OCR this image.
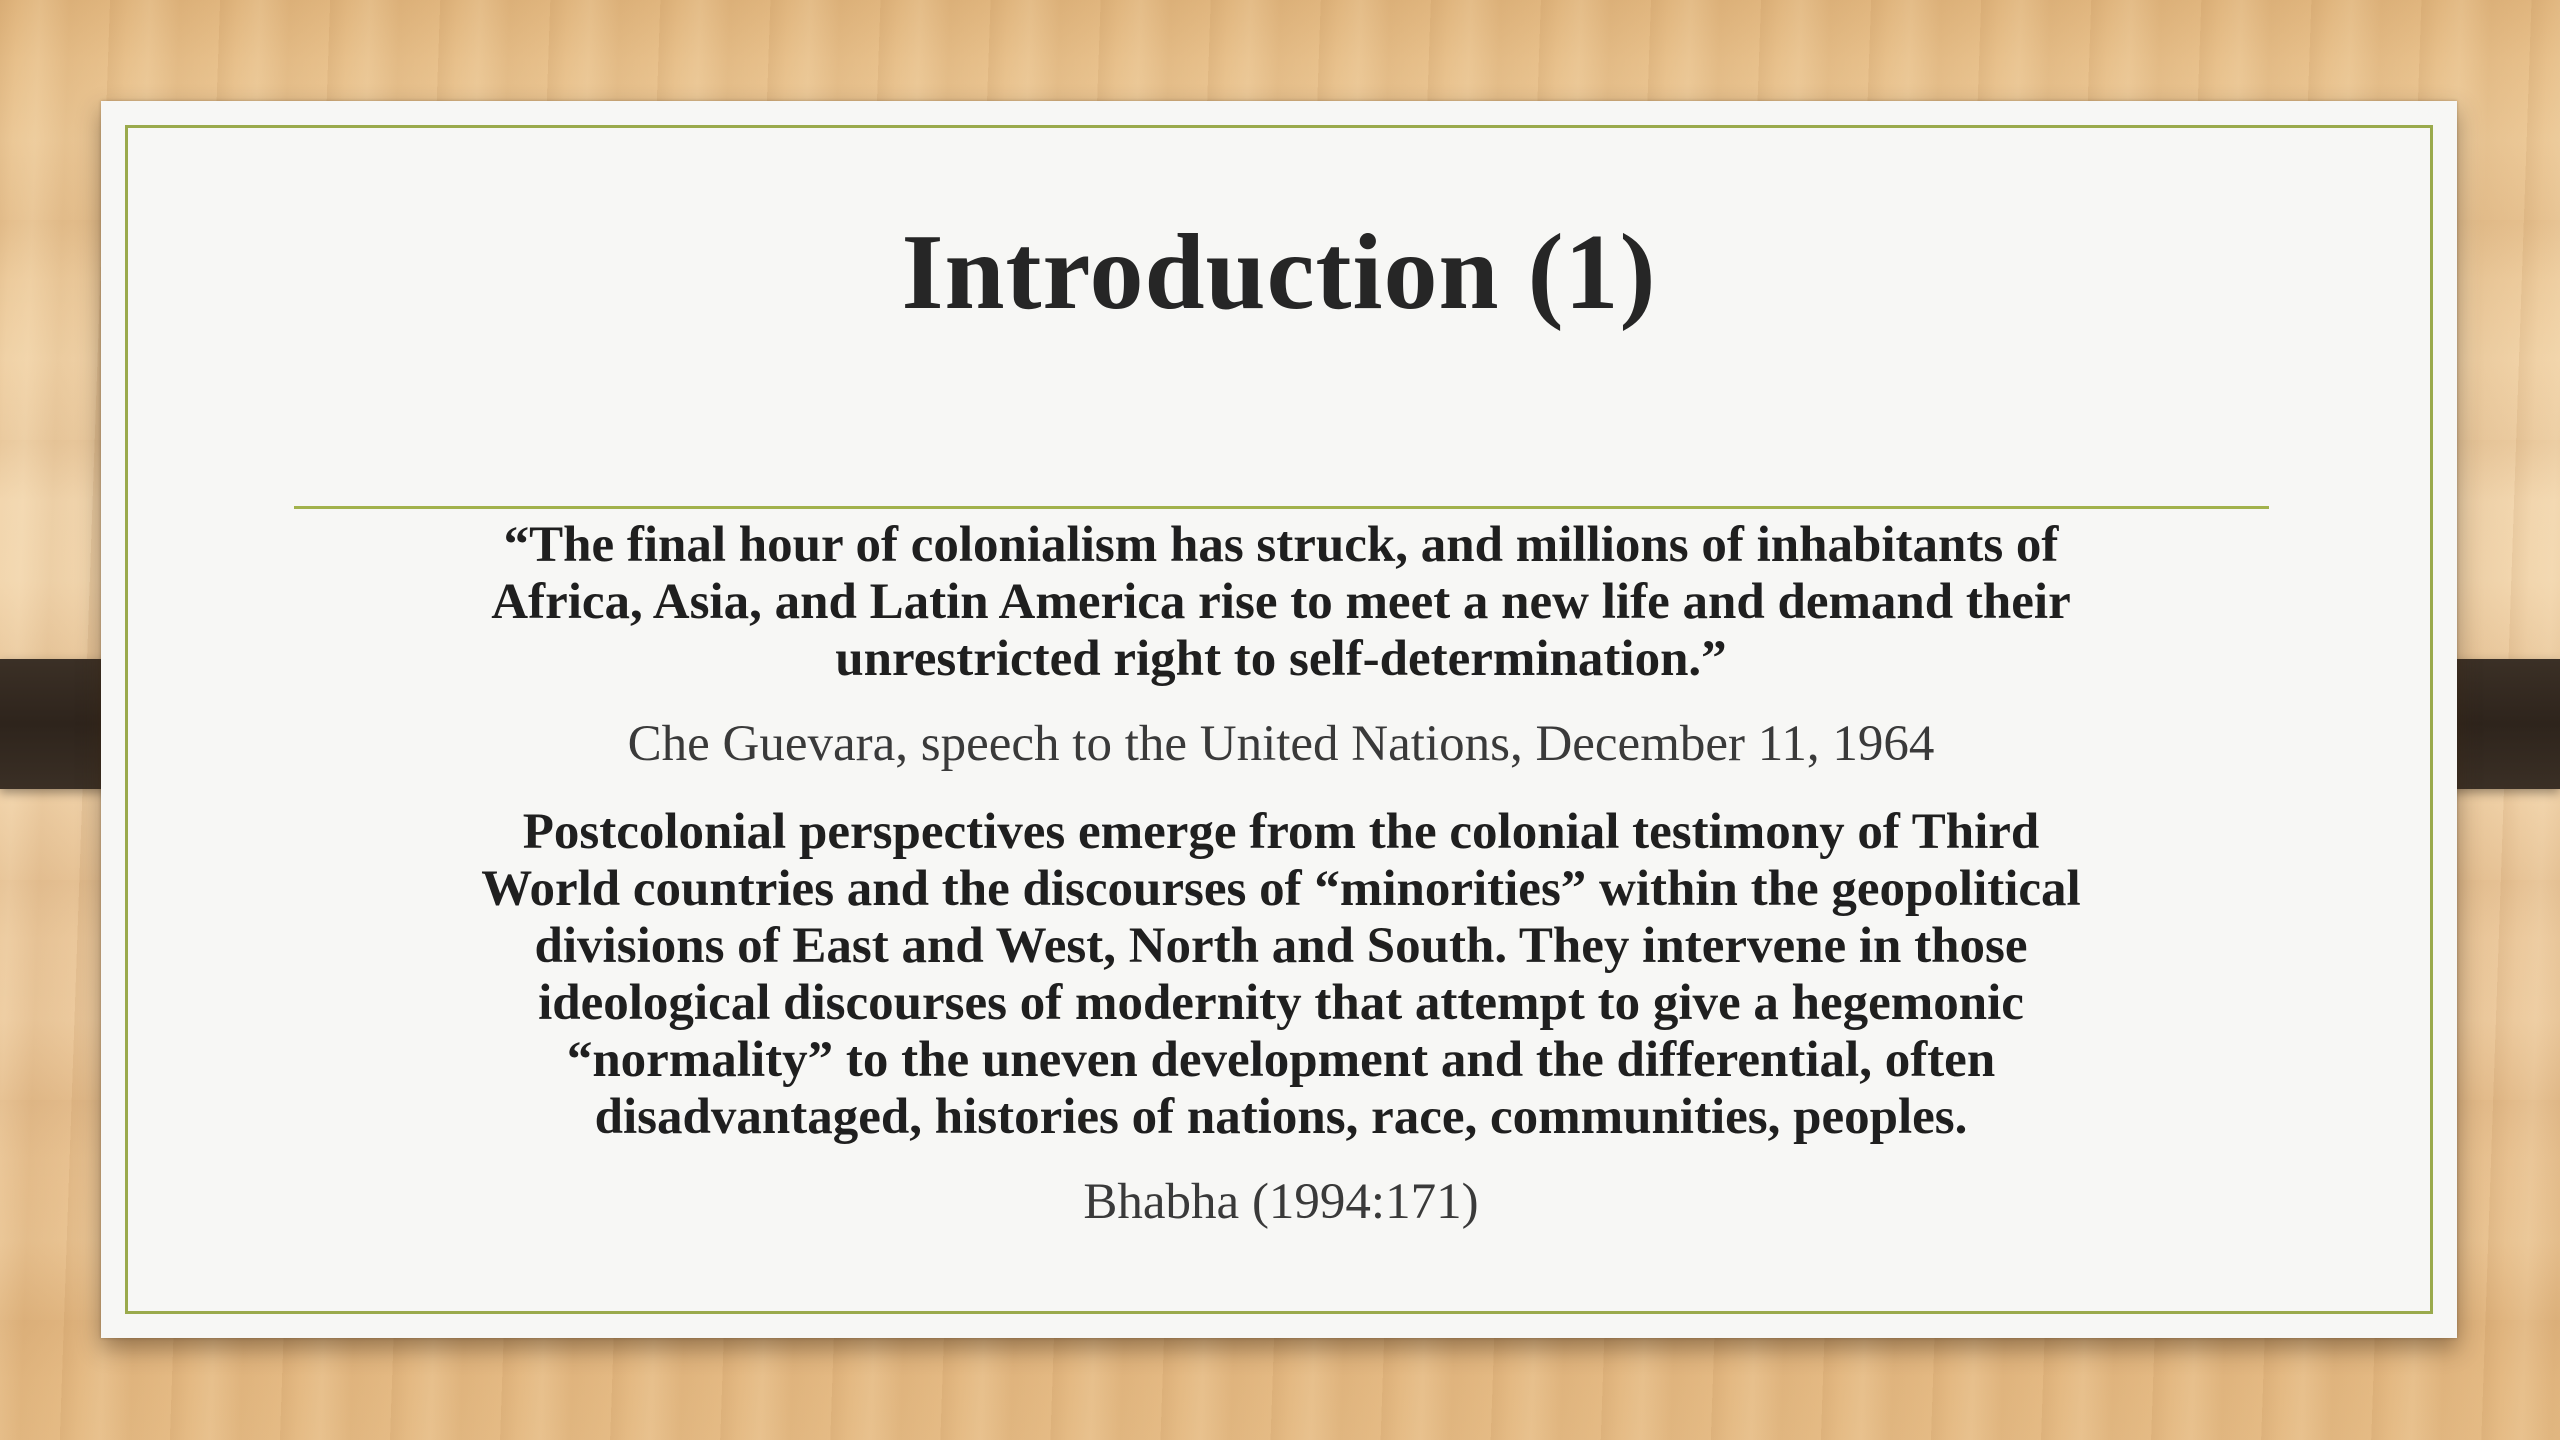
Introduction (1)

“The final hour of colonialism has struck, and millions of inhabitants of
Africa, Asia, and Latin America rise to meet a new life and demand their
unrestricted right to self-determination.”

Che Guevara, speech to the United Nations, December 11, 1964

Postcolonial perspectives emerge from the colonial testimony of Third
World countries and the discourses of “minorities” within the geopolitical
divisions of East and West, North and South. They intervene in those
ideological discourses of modernity that attempt to give a hegemonic
“normality” to the uneven development and the differential, often
disadvantaged, histories of nations, race, communities, peoples.

Bhabha (1994:171)
